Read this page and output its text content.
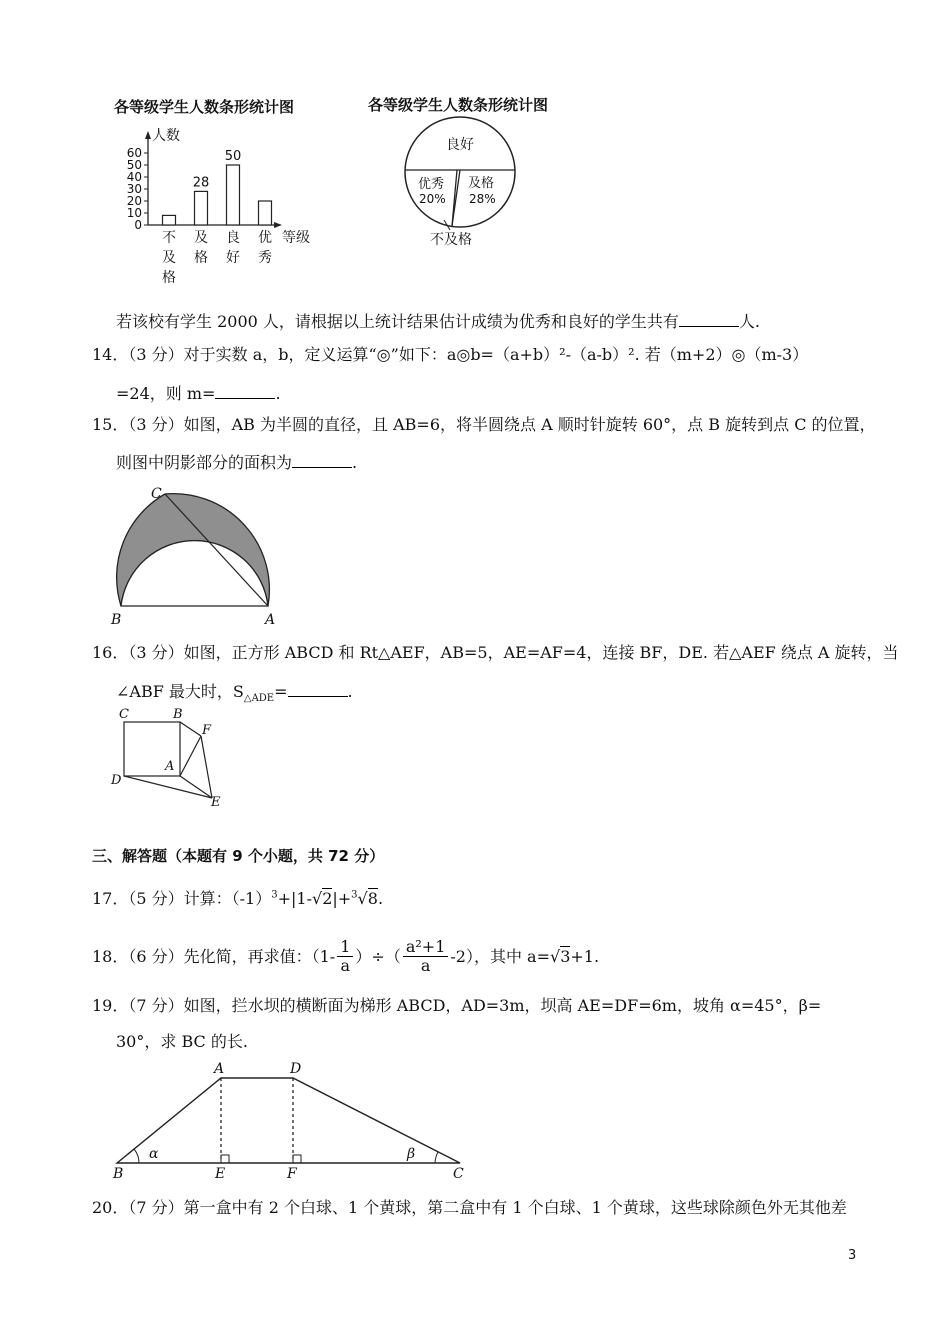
各等级学生人数条形统计图
人数
0
10
20
30
40
50
60
28
50
不
及
格
及
格
良
好
优
秀
等级
各等级学生人数条形统计图
良好
优秀
20%
及格
28%
不及格
若该校有学生 2000 人，请根据以上统计结果估计成绩为优秀和良好的学生共有	人.
14．（3 分）对于实数 a，b，定义运算“◎”如下：a◎b=（a+b）²-（a-b）². 若（m+2）◎（m-3）
=24，则 m=	.
15．（3 分）如图，AB 为半圆的直径，且 AB=6，将半圆绕点 A 顺时针旋转 60°，点 B 旋转到点 C 的位置，
则图中阴影部分的面积为	.
C
B	A
16．（3 分）如图，正方形 ABCD 和 Rt△AEF，AB=5，AE=AF=4，连接 BF，DE. 若△AEF 绕点 A 旋转，当
∠ABF 最大时，$S_{\triangle ADE}=$	.
C	B
F
A
D
E
三、解答题（本题有 9 个小题，共 72 分）
17．（5 分）计算：$(-1)^3+|1-√2|+^3√8$.
18．（6 分）先化简，再求值：（$1- \frac{1}{a}$ ）÷（ $\frac{\text{a²+1}}{a} -2$），其中 a= √ 3 +1.
19．（7 分）如图，拦水坝的横断面为梯形 ABCD，AD=3m，坝高 AE=DF=6m，坡角 α=45°，β=
30°，求 BC 的长.
A	D
B	E	F	C
α	β
20．（7 分）第一盒中有 2 个白球、1 个黄球，第二盒中有 1 个白球、1 个黄球，这些球除颜色外无其他差
3
